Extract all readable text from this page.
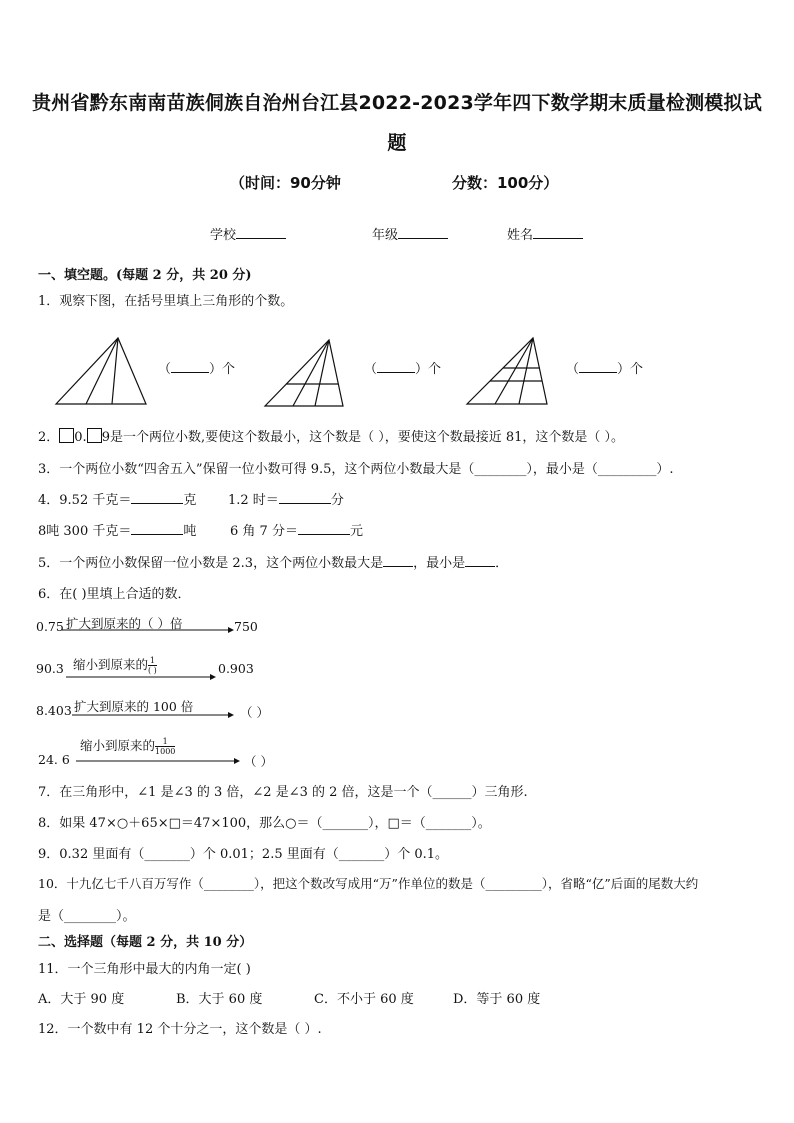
贵州省黔东南南苗族侗族自治州台江县2022-2023学年四下数学期末质量检测模拟试
题
（时间：90分钟	分数：100分）
学校	年级	姓名
一、填空题。(每题 2 分，共 20 分)
1．观察下图，在括号里填上三角形的个数。
（	）个	（	）个	（	）个
2． 0. 9是一个两位小数,要使这个数最小，这个数是（ ），要使这个数最接近 81，这个数是（ ）。
3．一个两位小数“四舍五入”保留一位小数可得 9.5，这个两位小数最大是（________），最小是（_________）.
4．9.52 千克＝	克 1.2 时＝	分
8吨 300 千克＝	吨	6 角 7 分＝	元
5．一个两位小数保留一位小数是 2.3，这个两位小数最大是 ，最小是 ．
6．在( )里填上合适的数．
0.75 扩大到原来的（ ）倍	750
90.3 缩小到原来的 $\frac{1}{( )}$	0.903
8.403 扩大到原来的 100 倍	（ ）
24. 6
缩小到原来的 $\frac{1}{1000}$
（ ）
7．在三角形中，∠1 是∠3 的 3 倍，∠2 是∠3 的 2 倍，这是一个（______）三角形.
8．如果 47×○＋65×□＝47×100，那么○＝（_______），□＝（_______）。
9．0.32 里面有（_______）个 0.01；2.5 里面有（_______）个 0.1。
10．十九亿七千八百万写作（________），把这个数改写成用“万”作单位的数是（_________），省略“亿”后面的尾数大约
是（________）。
二、选择题（每题 2 分，共 10 分）
11．一个三角形中最大的内角一定( )
A．大于 90 度	B．大于 60 度	C．不小于 60 度	D．等于 60 度
12．一个数中有 12 个十分之一，这个数是（ ）.
